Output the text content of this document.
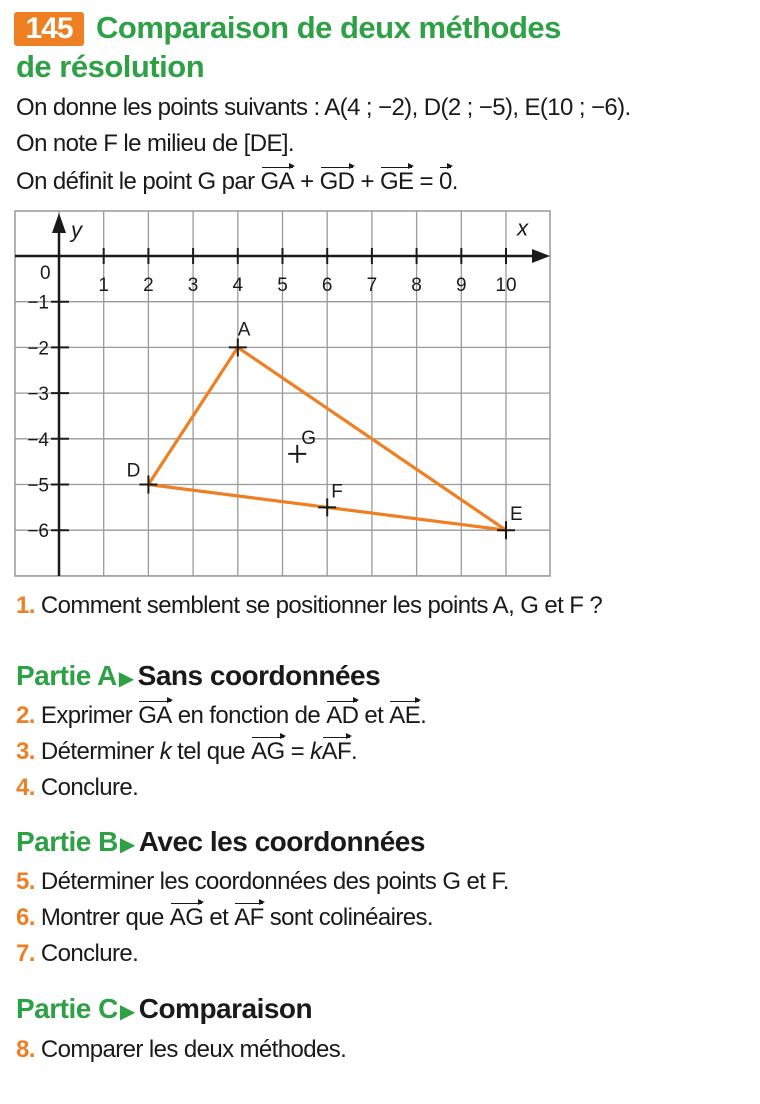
145 Comparaison de deux méthodes
de résolution
On donne les points suivants : A(4 ; −2), D(2 ; −5), E(10 ; −6).
On note F le milieu de [DE].
On définit le point G par GA + GD + GE = 0.
x
y
0
1 2 3 4 5 6 7 8 9 10
−1
−2
−3
−4
−5
−6
A
D
E
F
G
1. Comment semblent se positionner les points A, G et F ?
Partie A ▶ Sans coordonnées
2. Exprimer GA en fonction de AD et AE.
3. Déterminer k tel que AG = kAF.
4. Conclure.
Partie B ▶ Avec les coordonnées
5. Déterminer les coordonnées des points G et F.
6. Montrer que AG et AF sont colinéaires.
7. Conclure.
Partie C ▶ Comparaison
8. Comparer les deux méthodes.
